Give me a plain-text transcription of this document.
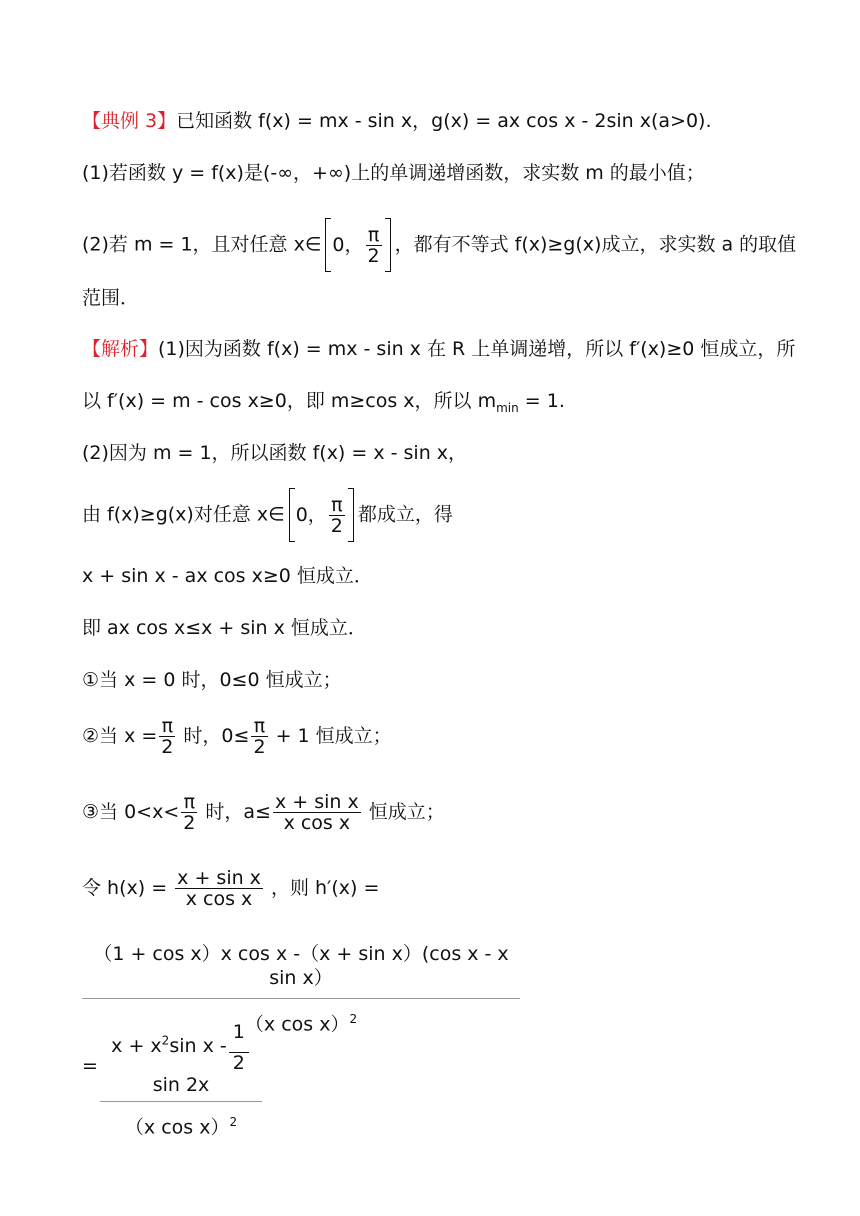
【典例 3】已知函数 f(x) = mx - sin x，g(x) = ax cos x - 2sin x(a>0).
(1)若函数 y = f(x)是(-∞，+∞)上的单调递增函数，求实数 m 的最小值；
(2)若 m = 1，且对任意 x∈ 0， $\frac{\pi}{2}$ ，都有不等式 f(x)≥g(x)成立，求实数 a 的取值
范围．
【解析】(1)因为函数 f(x) = mx - sin x 在 R 上单调递增，所以 f′(x)≥0 恒成立，所
以 f′(x) = m - cos x≥0，即 m≥cos x，所以 $m_{min} = 1$.
(2)因为 m = 1，所以函数 f(x) = x - sin x，
由 f(x)≥g(x)对任意 x∈ 0， $\frac{\pi}{2}$ 都成立，得
x + sin x - ax cos x≥0 恒成立．
即 ax cos x≤x + sin x 恒成立．
①当 x = 0 时，0≤0 恒成立；
②当 $x = \frac{\pi}{2}$ 时，$0\le \frac{\pi}{2} + 1$ 恒成立；
③当 $0<x< \frac{\pi}{2}$ 时，$a\le \frac{\text{x + sin x}}{\text{x cos x}}$ 恒成立；
令 $h(x) = \frac{\text{x + sin x}}{\text{x cos x}}$ ，则 h′(x) =
$\frac{\text{（1 + cos x）x cos x -（x + sin x）(cos x - x sin x）}}{(x \cos x)^2}$
= $x + x^2\sin$ x - $\frac{1}{2}$
sin 2x
（x cos x）$^2$
